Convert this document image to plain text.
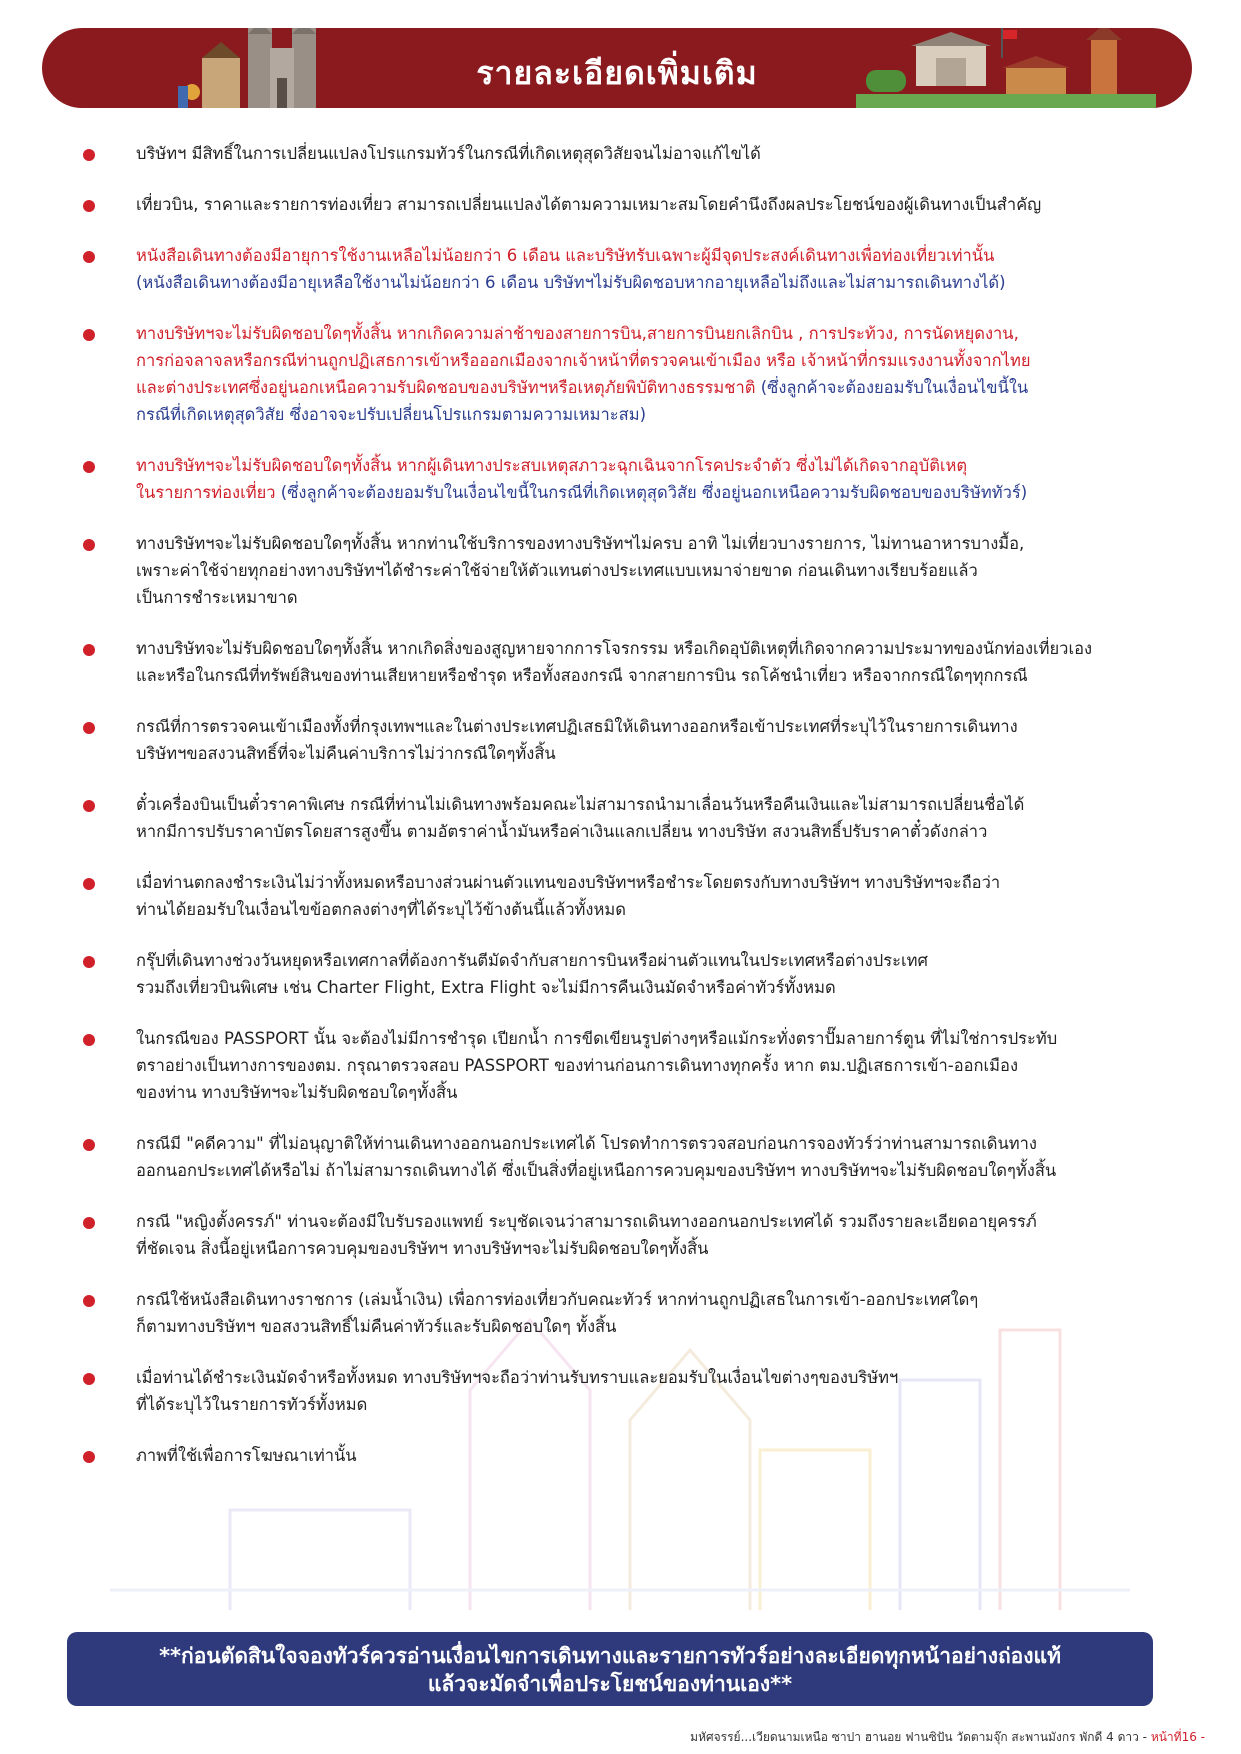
รายละเอียดเพิ่มเติม
บริษัทฯ มีสิทธิ์ในการเปลี่ยนแปลงโปรแกรมทัวร์ในกรณีที่เกิดเหตุสุดวิสัยจนไม่อาจแก้ไขได้
เที่ยวบิน, ราคาและรายการท่องเที่ยว สามารถเปลี่ยนแปลงได้ตามความเหมาะสมโดยคำนึงถึงผลประโยชน์ของผู้เดินทางเป็นสำคัญ
หนังสือเดินทางต้องมีอายุการใช้งานเหลือไม่น้อยกว่า 6 เดือน และบริษัทรับเฉพาะผู้มีจุดประสงค์เดินทางเพื่อท่องเที่ยวเท่านั้น
(หนังสือเดินทางต้องมีอายุเหลือใช้งานไม่น้อยกว่า 6 เดือน บริษัทฯไม่รับผิดชอบหากอายุเหลือไม่ถึงและไม่สามารถเดินทางได้)
ทางบริษัทฯจะไม่รับผิดชอบใดๆทั้งสิ้น หากเกิดความล่าช้าของสายการบิน,สายการบินยกเลิกบิน , การประท้วง, การนัดหยุดงาน,
การก่อจลาจลหรือกรณีท่านถูกปฏิเสธการเข้าหรือออกเมืองจากเจ้าหน้าที่ตรวจคนเข้าเมือง หรือ เจ้าหน้าที่กรมแรงงานทั้งจากไทย
และต่างประเทศซึ่งอยู่นอกเหนือความรับผิดชอบของบริษัทฯหรือเหตุภัยพิบัติทางธรรมชาติ (ซึ่งลูกค้าจะต้องยอมรับในเงื่อนไขนี้ใน
กรณีที่เกิดเหตุสุดวิสัย ซึ่งอาจจะปรับเปลี่ยนโปรแกรมตามความเหมาะสม)
ทางบริษัทฯจะไม่รับผิดชอบใดๆทั้งสิ้น หากผู้เดินทางประสบเหตุสภาวะฉุกเฉินจากโรคประจำตัว ซึ่งไม่ได้เกิดจากอุบัติเหตุ
ในรายการท่องเที่ยว (ซึ่งลูกค้าจะต้องยอมรับในเงื่อนไขนี้ในกรณีที่เกิดเหตุสุดวิสัย ซึ่งอยู่นอกเหนือความรับผิดชอบของบริษัททัวร์)
ทางบริษัทฯจะไม่รับผิดชอบใดๆทั้งสิ้น หากท่านใช้บริการของทางบริษัทฯไม่ครบ อาทิ ไม่เที่ยวบางรายการ, ไม่ทานอาหารบางมื้อ,
เพราะค่าใช้จ่ายทุกอย่างทางบริษัทฯได้ชำระค่าใช้จ่ายให้ตัวแทนต่างประเทศแบบเหมาจ่ายขาด ก่อนเดินทางเรียบร้อยแล้ว
เป็นการชำระเหมาขาด
ทางบริษัทจะไม่รับผิดชอบใดๆทั้งสิ้น หากเกิดสิ่งของสูญหายจากการโจรกรรม หรือเกิดอุบัติเหตุที่เกิดจากความประมาทของนักท่องเที่ยวเอง
และหรือในกรณีที่ทรัพย์สินของท่านเสียหายหรือชำรุด หรือทั้งสองกรณี จากสายการบิน รถโค้ชนำเที่ยว หรือจากกรณีใดๆทุกกรณี
กรณีที่การตรวจคนเข้าเมืองทั้งที่กรุงเทพฯและในต่างประเทศปฏิเสธมิให้เดินทางออกหรือเข้าประเทศที่ระบุไว้ในรายการเดินทาง
บริษัทฯขอสงวนสิทธิ์ที่จะไม่คืนค่าบริการไม่ว่ากรณีใดๆทั้งสิ้น
ตั๋วเครื่องบินเป็นตั๋วราคาพิเศษ กรณีที่ท่านไม่เดินทางพร้อมคณะไม่สามารถนำมาเลื่อนวันหรือคืนเงินและไม่สามารถเปลี่ยนชื่อได้
หากมีการปรับราคาบัตรโดยสารสูงขึ้น ตามอัตราค่าน้ำมันหรือค่าเงินแลกเปลี่ยน ทางบริษัท สงวนสิทธิ์ปรับราคาตั๋วดังกล่าว
เมื่อท่านตกลงชำระเงินไม่ว่าทั้งหมดหรือบางส่วนผ่านตัวแทนของบริษัทฯหรือชำระโดยตรงกับทางบริษัทฯ ทางบริษัทฯจะถือว่า
ท่านได้ยอมรับในเงื่อนไขข้อตกลงต่างๆที่ได้ระบุไว้ข้างต้นนี้แล้วทั้งหมด
กรุ๊ปที่เดินทางช่วงวันหยุดหรือเทศกาลที่ต้องการันตีมัดจำกับสายการบินหรือผ่านตัวแทนในประเทศหรือต่างประเทศ
รวมถึงเที่ยวบินพิเศษ เช่น Charter Flight, Extra Flight จะไม่มีการคืนเงินมัดจำหรือค่าทัวร์ทั้งหมด
ในกรณีของ PASSPORT นั้น จะต้องไม่มีการชำรุด เปียกน้ำ การขีดเขียนรูปต่างๆหรือแม้กระทั่งตราปั๊มลายการ์ตูน ที่ไม่ใช่การประทับ
ตราอย่างเป็นทางการของตม. กรุณาตรวจสอบ PASSPORT ของท่านก่อนการเดินทางทุกครั้ง หาก ตม.ปฏิเสธการเข้า-ออกเมือง
ของท่าน ทางบริษัทฯจะไม่รับผิดชอบใดๆทั้งสิ้น
กรณีมี "คดีความ" ที่ไม่อนุญาติให้ท่านเดินทางออกนอกประเทศได้ โปรดทำการตรวจสอบก่อนการจองทัวร์ว่าท่านสามารถเดินทาง
ออกนอกประเทศได้หรือไม่ ถ้าไม่สามารถเดินทางได้ ซึ่งเป็นสิ่งที่อยู่เหนือการควบคุมของบริษัทฯ ทางบริษัทฯจะไม่รับผิดชอบใดๆทั้งสิ้น
กรณี "หญิงตั้งครรภ์" ท่านจะต้องมีใบรับรองแพทย์ ระบุชัดเจนว่าสามารถเดินทางออกนอกประเทศได้ รวมถึงรายละเอียดอายุครรภ์
ที่ชัดเจน สิ่งนี้อยู่เหนือการควบคุมของบริษัทฯ ทางบริษัทฯจะไม่รับผิดชอบใดๆทั้งสิ้น
กรณีใช้หนังสือเดินทางราชการ (เล่มน้ำเงิน) เพื่อการท่องเที่ยวกับคณะทัวร์ หากท่านถูกปฏิเสธในการเข้า-ออกประเทศใดๆ
ก็ตามทางบริษัทฯ ขอสงวนสิทธิ์ไม่คืนค่าทัวร์และรับผิดชอบใดๆ ทั้งสิ้น
เมื่อท่านได้ชำระเงินมัดจำหรือทั้งหมด ทางบริษัทฯจะถือว่าท่านรับทราบและยอมรับในเงื่อนไขต่างๆของบริษัทฯ
ที่ได้ระบุไว้ในรายการทัวร์ทั้งหมด
ภาพที่ใช้เพื่อการโฆษณาเท่านั้น
**ก่อนตัดสินใจจองทัวร์ควรอ่านเงื่อนไขการเดินทางและรายการทัวร์อย่างละเอียดทุกหน้าอย่างถ่องแท้
แล้วจะมัดจำเพื่อประโยชน์ของท่านเอง**
มหัศจรรย์...เวียดนามเหนือ ซาปา ฮานอย ฟานซิปัน วัดตามจุ๊ก สะพานมังกร พักดี 4 ดาว - หน้าที่16 -
